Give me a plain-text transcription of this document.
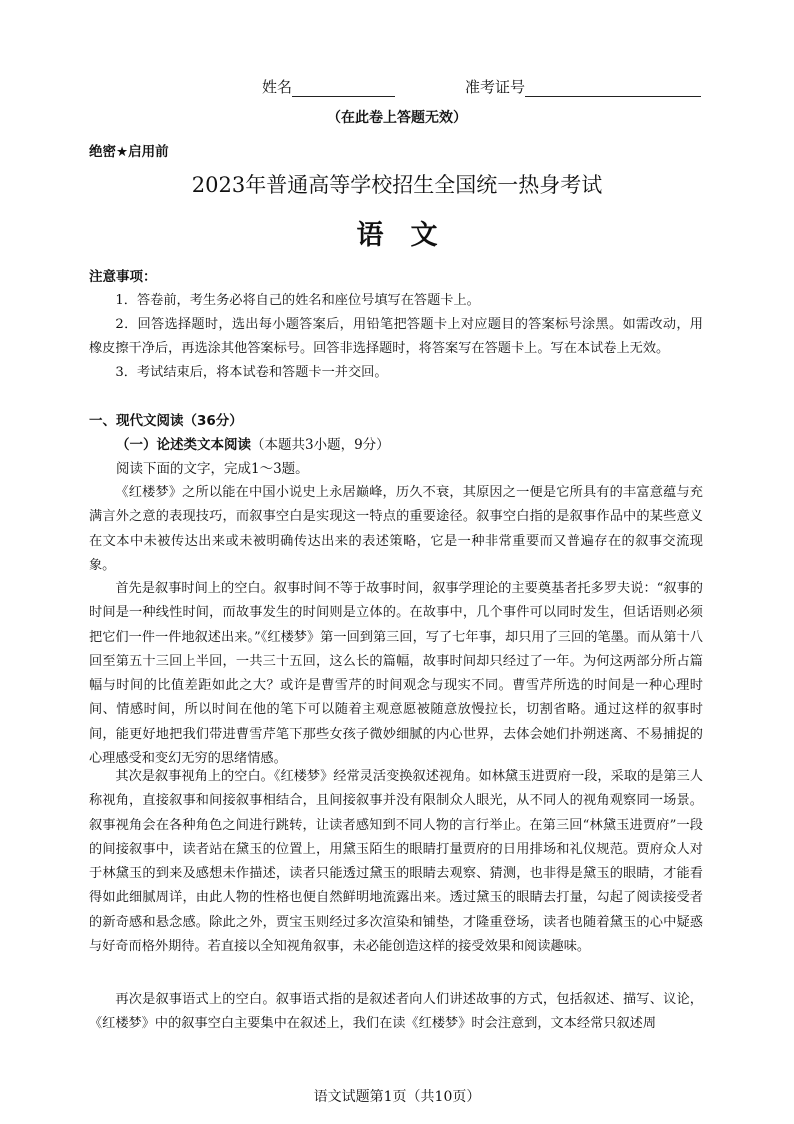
姓名	准考证号
（在此卷上答题无效）
绝密★启用前
2023年普通高等学校招生全国统一热身考试
语　文
注意事项：

1．答卷前，考生务必将自己的姓名和座位号填写在答题卡上。

2．回答选择题时，选出每小题答案后，用铅笔把答题卡上对应题目的答案标号涂黑。如需改动，用橡皮擦干净后，再选涂其他答案标号。回答非选择题时，将答案写在答题卡上。写在本试卷上无效。

3．考试结束后，将本试卷和答题卡一并交回。

一、现代文阅读（36分）
（一）论述类文本阅读（本题共3小题，9分）
阅读下面的文字，完成1～3题。

《红楼梦》之所以能在中国小说史上永居巅峰，历久不衰，其原因之一便是它所具有的丰富意蕴与充满言外之意的表现技巧，而叙事空白是实现这一特点的重要途径。叙事空白指的是叙事作品中的某些意义在文本中未被传达出来或未被明确传达出来的表述策略，它是一种非常重要而又普遍存在的叙事交流现象。

首先是叙事时间上的空白。叙事时间不等于故事时间，叙事学理论的主要奠基者托多罗夫说：“叙事的时间是一种线性时间，而故事发生的时间则是立体的。在故事中，几个事件可以同时发生，但话语则必须把它们一件一件地叙述出来。”《红楼梦》第一回到第三回，写了七年事，却只用了三回的笔墨。而从第十八回至第五十三回上半回，一共三十五回，这么长的篇幅，故事时间却只经过了一年。为何这两部分所占篇幅与时间的比值差距如此之大？或许是曹雪芹的时间观念与现实不同。曹雪芹所选的时间是一种心理时间、情感时间，所以时间在他的笔下可以随着主观意愿被随意放慢拉长，切割省略。通过这样的叙事时间，能更好地把我们带进曹雪芹笔下那些女孩子微妙细腻的内心世界，去体会她们扑朔迷离、不易捕捉的心理感受和变幻无穷的思绪情感。

其次是叙事视角上的空白。《红楼梦》经常灵活变换叙述视角。如林黛玉进贾府一段，采取的是第三人称视角，直接叙事和间接叙事相结合，且间接叙事并没有限制众人眼光，从不同人的视角观察同一场景。叙事视角会在各种角色之间进行跳转，让读者感知到不同人物的言行举止。在第三回“林黛玉进贾府”一段的间接叙事中，读者站在黛玉的位置上，用黛玉陌生的眼睛打量贾府的日用排场和礼仪规范。贾府众人对于林黛玉的到来及感想未作描述，读者只能透过黛玉的眼睛去观察、猜测，也非得是黛玉的眼睛，才能看得如此细腻周详，由此人物的性格也便自然鲜明地流露出来。透过黛玉的眼睛去打量，勾起了阅读接受者的新奇感和悬念感。除此之外，贾宝玉则经过多次渲染和铺垫，才隆重登场，读者也随着黛玉的心中疑惑与好奇而格外期待。若直接以全知视角叙事，未必能创造这样的接受效果和阅读趣味。

再次是叙事语式上的空白。叙事语式指的是叙述者向人们讲述故事的方式，包括叙述、描写、议论，《红楼梦》中的叙事空白主要集中在叙述上，我们在读《红楼梦》时会注意到，文本经常只叙述周

语文试题第1页（共10页）
